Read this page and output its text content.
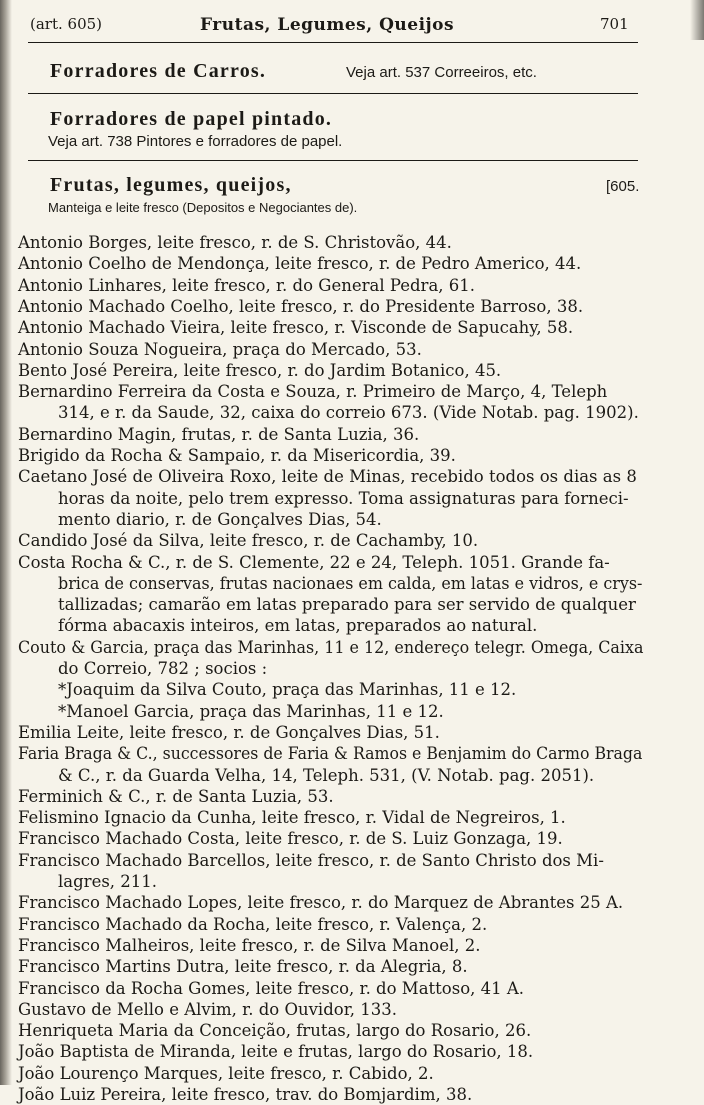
(art. 605)	Frutas, Legumes, Queijos	701
Forradores de Carros.	Veja art. 537 Correeiros, etc.
Forradores de papel pintado.
Veja art. 738 Pintores e forradores de papel.
Frutas, legumes, queijos,	[605.
Manteiga e leite fresco (Depositos e Negociantes de).
Antonio Borges, leite fresco, r. de S. Christovão, 44.
Antonio Coelho de Mendonça, leite fresco, r. de Pedro Americo, 44.
Antonio Linhares, leite fresco, r. do General Pedra, 61.
Antonio Machado Coelho, leite fresco, r. do Presidente Barroso, 38.
Antonio Machado Vieira, leite fresco, r. Visconde de Sapucahy, 58.
Antonio Souza Nogueira, praça do Mercado, 53.
Bento José Pereira, leite fresco, r. do Jardim Botanico, 45.
Bernardino Ferreira da Costa e Souza, r. Primeiro de Março, 4, Teleph
314, e r. da Saude, 32, caixa do correio 673. (Vide Notab. pag. 1902).
Bernardino Magin, frutas, r. de Santa Luzia, 36.
Brigido da Rocha & Sampaio, r. da Misericordia, 39.
Caetano José de Oliveira Roxo, leite de Minas, recebido todos os dias as 8
horas da noite, pelo trem expresso. Toma assignaturas para forneci-
mento diario, r. de Gonçalves Dias, 54.
Candido José da Silva, leite fresco, r. de Cachamby, 10.
Costa Rocha & C., r. de S. Clemente, 22 e 24, Teleph. 1051. Grande fa-
brica de conservas, frutas nacionaes em calda, em latas e vidros, e crys-
tallizadas; camarão em latas preparado para ser servido de qualquer
fórma abacaxis inteiros, em latas, preparados ao natural.
Couto & Garcia, praça das Marinhas, 11 e 12, endereço telegr. Omega, Caixa
do Correio, 782 ; socios :
*Joaquim da Silva Couto, praça das Marinhas, 11 e 12.
*Manoel Garcia, praça das Marinhas, 11 e 12.
Emilia Leite, leite fresco, r. de Gonçalves Dias, 51.
Faria Braga & C., successores de Faria & Ramos e Benjamim do Carmo Braga
& C., r. da Guarda Velha, 14, Teleph. 531, (V. Notab. pag. 2051).
Ferminich & C., r. de Santa Luzia, 53.
Felismino Ignacio da Cunha, leite fresco, r. Vidal de Negreiros, 1.
Francisco Machado Costa, leite fresco, r. de S. Luiz Gonzaga, 19.
Francisco Machado Barcellos, leite fresco, r. de Santo Christo dos Mi-
lagres, 211.
Francisco Machado Lopes, leite fresco, r. do Marquez de Abrantes 25 A.
Francisco Machado da Rocha, leite fresco, r. Valença, 2.
Francisco Malheiros, leite fresco, r. de Silva Manoel, 2.
Francisco Martins Dutra, leite fresco, r. da Alegria, 8.
Francisco da Rocha Gomes, leite fresco, r. do Mattoso, 41 A.
Gustavo de Mello e Alvim, r. do Ouvidor, 133.
Henriqueta Maria da Conceição, frutas, largo do Rosario, 26.
João Baptista de Miranda, leite e frutas, largo do Rosario, 18.
João Lourenço Marques, leite fresco, r. Cabido, 2.
João Luiz Pereira, leite fresco, trav. do Bomjardim, 38.
